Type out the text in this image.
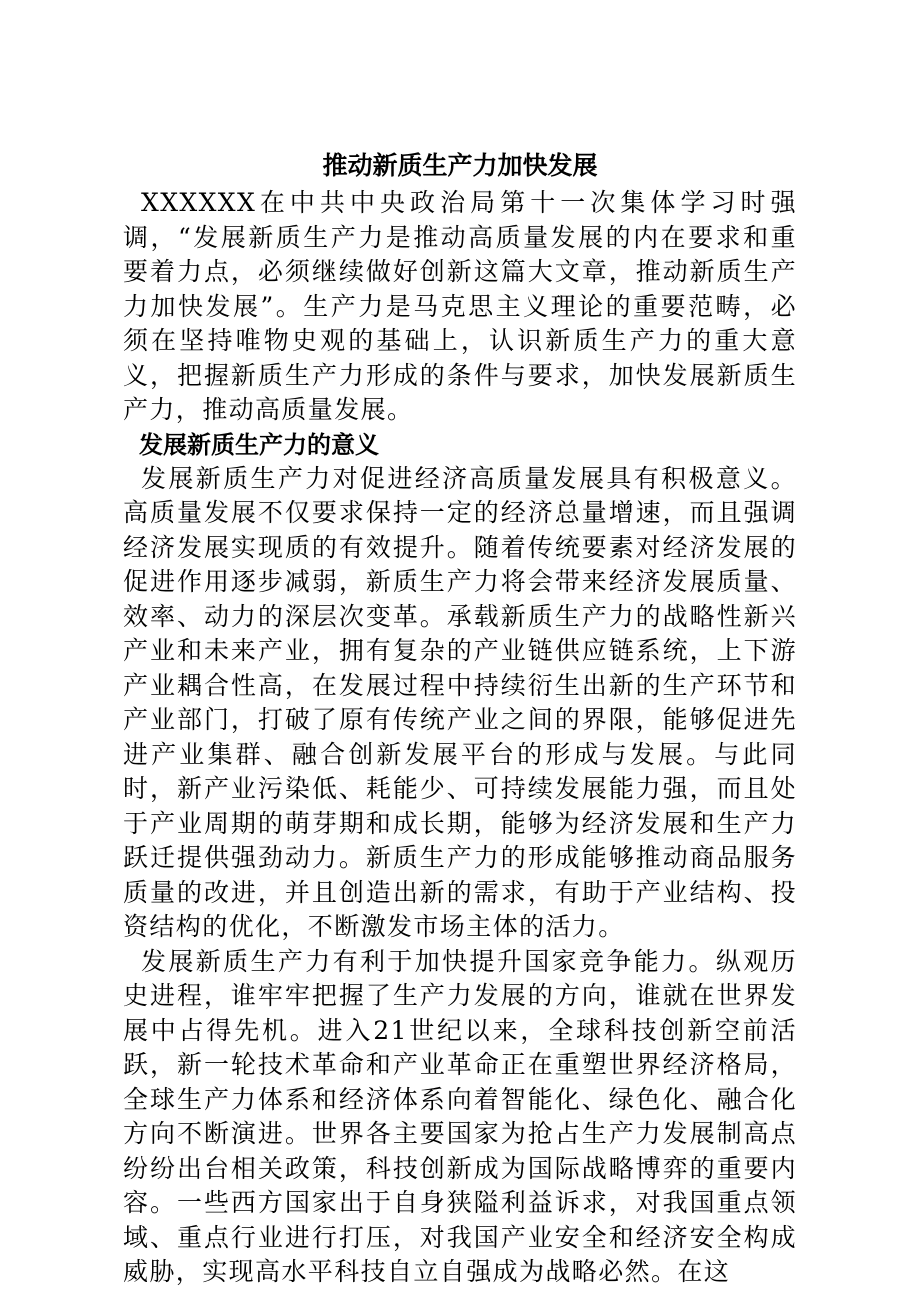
推动新质生产力加快发展

XXXXXX在中共中央政治局第十一次集体学习时强调，“发展新质生产力是推动高质量发展的内在要求和重要着力点，必须继续做好创新这篇大文章，推动新质生产力加快发展”。生产力是马克思主义理论的重要范畴，必须在坚持唯物史观的基础上，认识新质生产力的重大意义，把握新质生产力形成的条件与要求，加快发展新质生产力，推动高质量发展。

发展新质生产力的意义

发展新质生产力对促进经济高质量发展具有积极意义。高质量发展不仅要求保持一定的经济总量增速，而且强调经济发展实现质的有效提升。随着传统要素对经济发展的促进作用逐步减弱，新质生产力将会带来经济发展质量、效率、动力的深层次变革。承载新质生产力的战略性新兴产业和未来产业，拥有复杂的产业链供应链系统，上下游产业耦合性高，在发展过程中持续衍生出新的生产环节和产业部门，打破了原有传统产业之间的界限，能够促进先进产业集群、融合创新发展平台的形成与发展。与此同时，新产业污染低、耗能少、可持续发展能力强，而且处于产业周期的萌芽期和成长期，能够为经济发展和生产力跃迁提供强劲动力。新质生产力的形成能够推动商品服务质量的改进，并且创造出新的需求，有助于产业结构、投资结构的优化，不断激发市场主体的活力。

发展新质生产力有利于加快提升国家竞争能力。纵观历史进程，谁牢牢把握了生产力发展的方向，谁就在世界发展中占得先机。进入21世纪以来，全球科技创新空前活跃，新一轮技术革命和产业革命正在重塑世界经济格局，全球生产力体系和经济体系向着智能化、绿色化、融合化方向不断演进。世界各主要国家为抢占生产力发展制高点纷纷出台相关政策，科技创新成为国际战略博弈的重要内容。一些西方国家出于自身狭隘利益诉求，对我国重点领域、重点行业进行打压，对我国产业安全和经济安全构成威胁，实现高水平科技自立自强成为战略必然。在这
